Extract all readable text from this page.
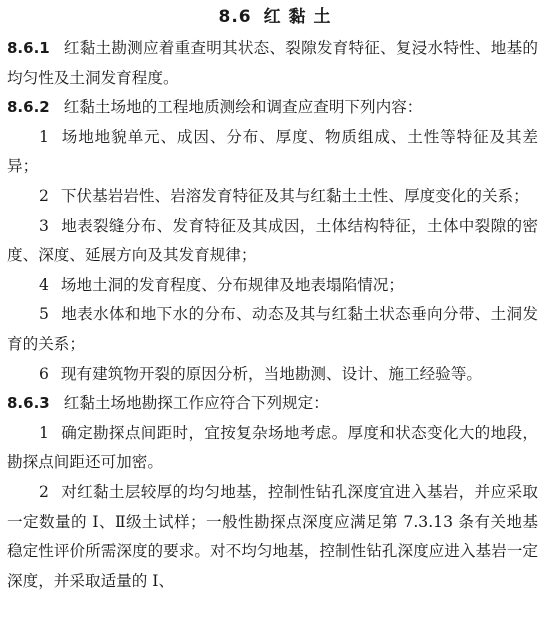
8.6 红 黏 土

8.6.1 红黏土勘测应着重查明其状态、裂隙发育特征、复浸水特性、地基的均匀性及土洞发育程度。

8.6.2 红黏土场地的工程地质测绘和调查应查明下列内容：

1 场地地貌单元、成因、分布、厚度、物质组成、土性等特征及其差异；

2 下伏基岩岩性、岩溶发育特征及其与红黏土土性、厚度变化的关系；

3 地表裂缝分布、发育特征及其成因，土体结构特征，土体中裂隙的密度、深度、延展方向及其发育规律；

4 场地土洞的发育程度、分布规律及地表塌陷情况；

5 地表水体和地下水的分布、动态及其与红黏土状态垂向分带、土洞发育的关系；

6 现有建筑物开裂的原因分析，当地勘测、设计、施工经验等。

8.6.3 红黏土场地勘探工作应符合下列规定：

1 确定勘探点间距时，宜按复杂场地考虑。厚度和状态变化大的地段，勘探点间距还可加密。

2 对红黏土层较厚的均匀地基，控制性钻孔深度宜进入基岩，并应采取一定数量的 Ⅰ、Ⅱ级土试样；一般性勘探点深度应满足第 7.3.13 条有关地基稳定性评价所需深度的要求。对不均匀地基，控制性钻孔深度应进入基岩一定深度，并采取适量的 Ⅰ、
